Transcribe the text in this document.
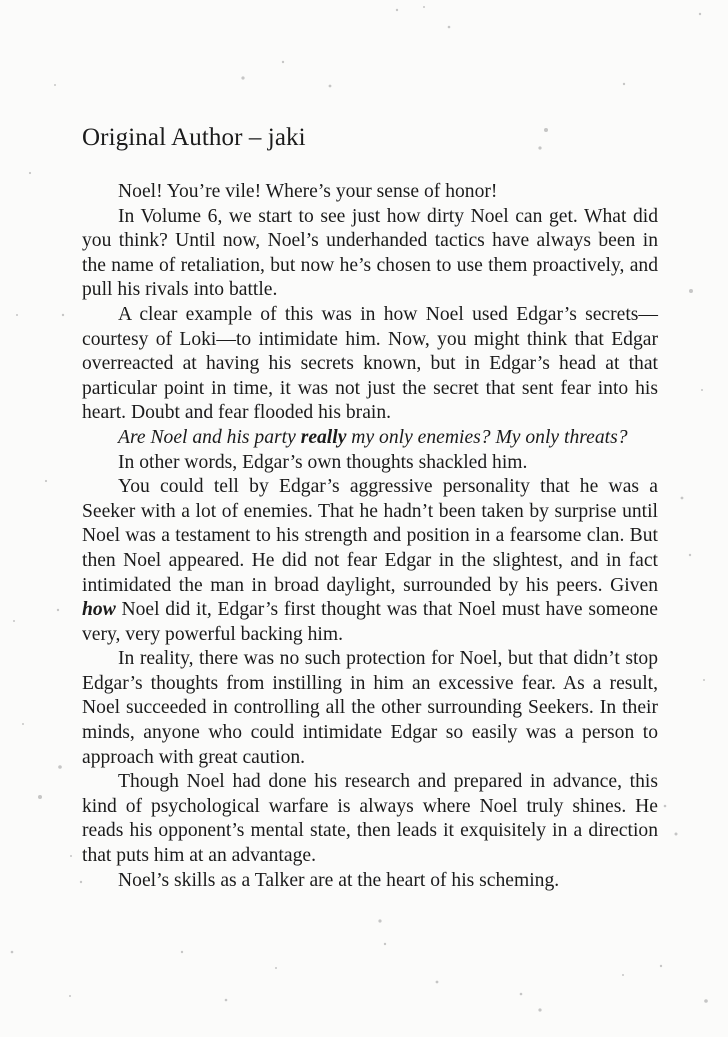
Original Author – jaki

Noel! You’re vile! Where’s your sense of honor!

In Volume 6, we start to see just how dirty Noel can get. What did you think? Until now, Noel’s underhanded tactics have always been in the name of retaliation, but now he’s chosen to use them proactively, and pull his rivals into battle.

A clear example of this was in how Noel used Edgar’s secrets—courtesy of Loki—to intimidate him. Now, you might think that Edgar overreacted at having his secrets known, but in Edgar’s head at that particular point in time, it was not just the secret that sent fear into his heart. Doubt and fear flooded his brain.

Are Noel and his party really my only enemies? My only threats?

In other words, Edgar’s own thoughts shackled him.

You could tell by Edgar’s aggressive personality that he was a Seeker with a lot of enemies. That he hadn’t been taken by surprise until Noel was a testament to his strength and position in a fearsome clan. But then Noel appeared. He did not fear Edgar in the slightest, and in fact intimidated the man in broad daylight, surrounded by his peers. Given how Noel did it, Edgar’s first thought was that Noel must have someone very, very powerful backing him.

In reality, there was no such protection for Noel, but that didn’t stop Edgar’s thoughts from instilling in him an excessive fear. As a result, Noel succeeded in controlling all the other surrounding Seekers. In their minds, anyone who could intimidate Edgar so easily was a person to approach with great caution.

Though Noel had done his research and prepared in advance, this kind of psychological warfare is always where Noel truly shines. He reads his opponent’s mental state, then leads it exquisitely in a direction that puts him at an advantage.

Noel’s skills as a Talker are at the heart of his scheming.
